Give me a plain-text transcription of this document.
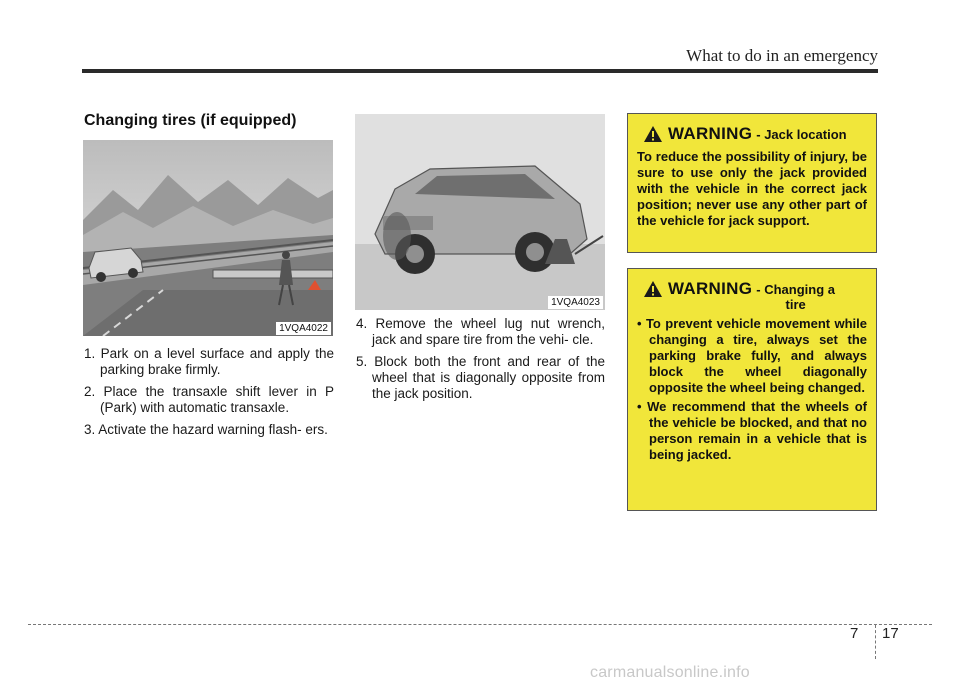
What to do in an emergency
Changing tires (if equipped)
1VQA4022
1VQA4023
1. Park on a level surface and apply the parking brake firmly.
2. Place the transaxle shift lever in P (Park) with automatic transaxle.
3. Activate the hazard warning flash- ers.
4. Remove the wheel lug nut wrench, jack and spare tire from the vehi- cle.
5. Block both the front and rear of the wheel that is diagonally opposite from the jack position.
WARNING - Jack location
To reduce the possibility of injury, be sure to use only the jack provided with the vehicle in the correct jack position; never use any other part of the vehicle for jack support.
WARNING - Changing a
tire
• To prevent vehicle movement while changing a tire, always set the parking brake fully, and always block the wheel diagonally opposite the wheel being changed.
• We recommend that the wheels of the vehicle be blocked, and that no person remain in a vehicle that is being jacked.
7 17
carmanualsonline.info
